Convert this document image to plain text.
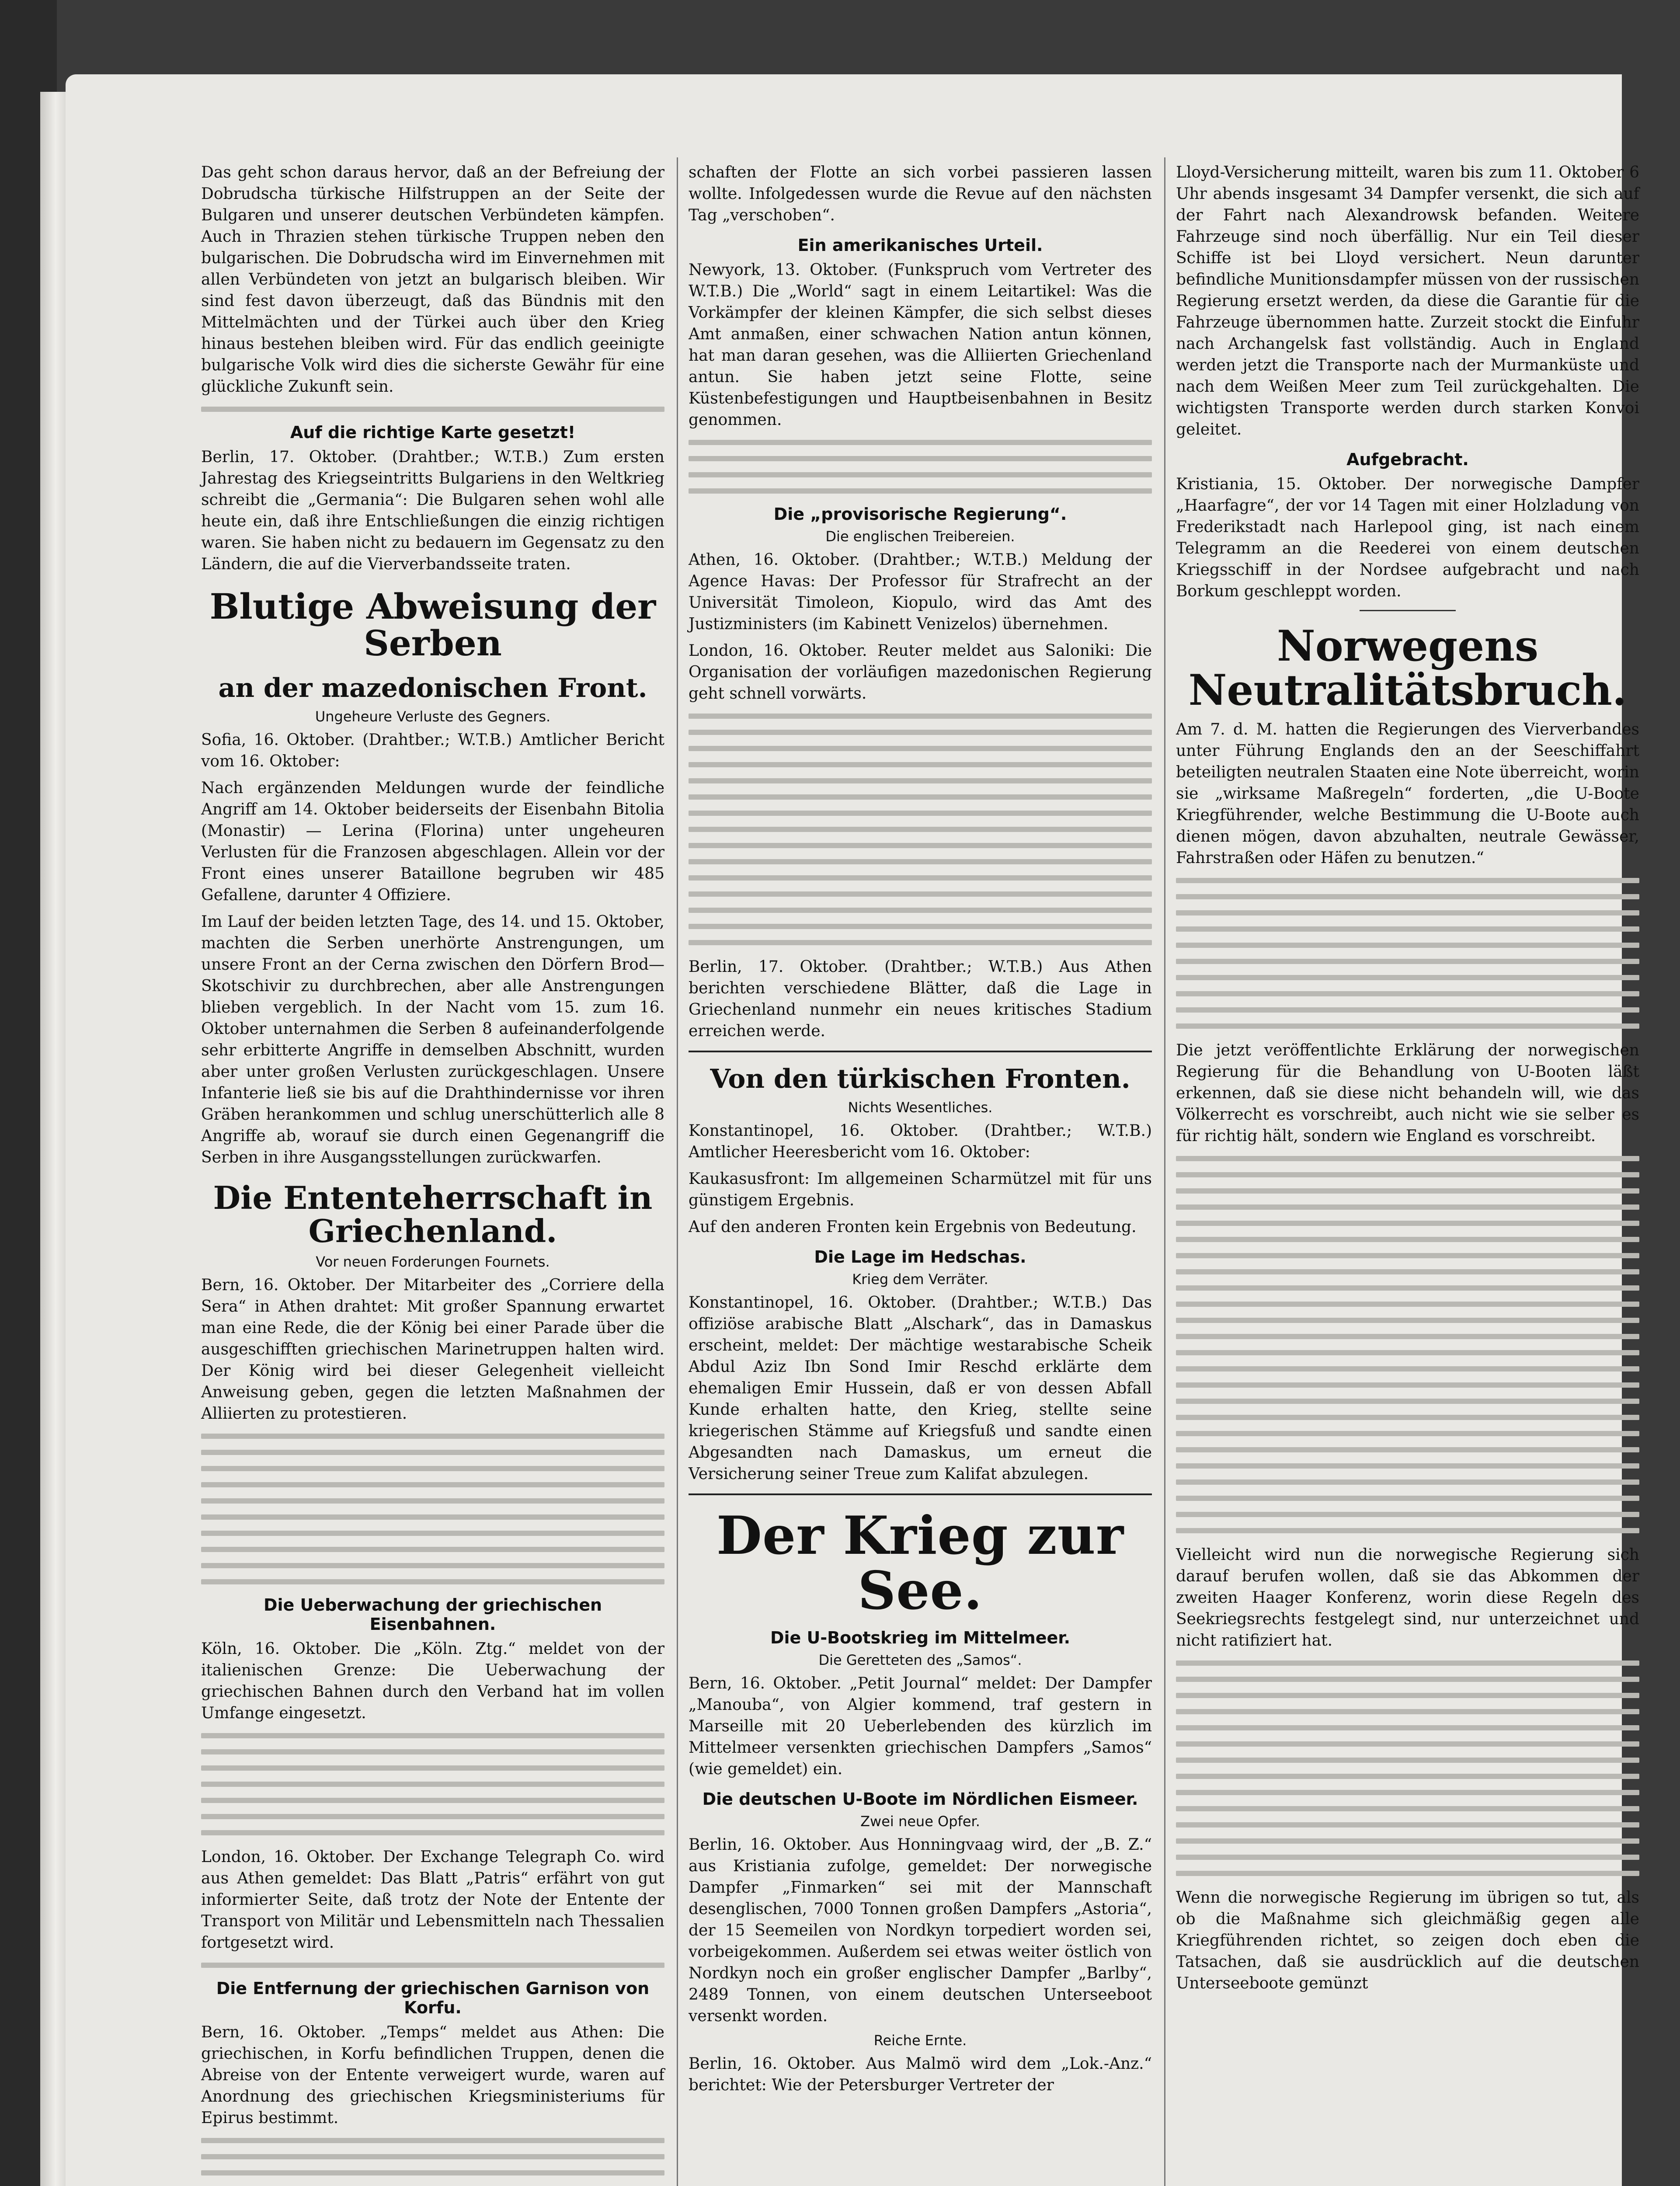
Das geht schon daraus hervor, daß an der Befreiung der Dobrudscha türkische Hilfstruppen an der Seite der Bulgaren und unserer deutschen Verbündeten kämpfen. Auch in Thrazien stehen türkische Truppen neben den bulgarischen. Die Dobrudscha wird im Einvernehmen mit allen Verbündeten von jetzt an bulgarisch bleiben. Wir sind fest davon überzeugt, daß das Bündnis mit den Mittelmächten und der Türkei auch über den Krieg hinaus bestehen bleiben wird. Für das endlich geeinigte bulgarische Volk wird dies die sicherste Gewähr für eine glückliche Zukunft sein.

Auf die richtige Karte gesetzt!

Berlin, 17. Oktober. (Drahtber.; W.T.B.) Zum ersten Jahrestag des Kriegseintritts Bulgariens in den Weltkrieg schreibt die „Germania“: Die Bulgaren sehen wohl alle heute ein, daß ihre Entschließungen die einzig richtigen waren. Sie haben nicht zu bedauern im Gegensatz zu den Ländern, die auf die Vierverbandsseite traten.

Blutige Abweisung der Serben
an der mazedonischen Front.
Ungeheure Verluste des Gegners.

Sofia, 16. Oktober. (Drahtber.; W.T.B.) Amtlicher Bericht vom 16. Oktober:

Nach ergänzenden Meldungen wurde der feindliche Angriff am 14. Oktober beiderseits der Eisenbahn Bitolia (Monastir) — Lerina (Florina) unter ungeheuren Verlusten für die Franzosen abgeschlagen. Allein vor der Front eines unserer Bataillone begruben wir 485 Gefallene, darunter 4 Offiziere.

Im Lauf der beiden letzten Tage, des 14. und 15. Oktober, machten die Serben unerhörte Anstrengungen, um unsere Front an der Cerna zwischen den Dörfern Brod—Skotschivir zu durchbrechen, aber alle Anstrengungen blieben vergeblich. In der Nacht vom 15. zum 16. Oktober unternahmen die Serben 8 aufeinanderfolgende sehr erbitterte Angriffe in demselben Abschnitt, wurden aber unter großen Verlusten zurückgeschlagen. Unsere Infanterie ließ sie bis auf die Drahthindernisse vor ihren Gräben herankommen und schlug unerschütterlich alle 8 Angriffe ab, worauf sie durch einen Gegenangriff die Serben in ihre Ausgangsstellungen zurückwarfen.

Die Ententeherrschaft in Griechenland.
Vor neuen Forderungen Fournets.

Bern, 16. Oktober. Der Mitarbeiter des „Corriere della Sera“ in Athen drahtet: Mit großer Spannung erwartet man eine Rede, die der König bei einer Parade über die ausgeschifften griechischen Marinetruppen halten wird. Der König wird bei dieser Gelegenheit vielleicht Anweisung geben, gegen die letzten Maßnahmen der Alliierten zu protestieren.

Die Ueberwachung der griechischen Eisenbahnen.

Köln, 16. Oktober. Die „Köln. Ztg.“ meldet von der italienischen Grenze: Die Ueberwachung der griechischen Bahnen durch den Verband hat im vollen Umfange eingesetzt.

London, 16. Oktober. Der Exchange Telegraph Co. wird aus Athen gemeldet: Das Blatt „Patris“ erfährt von gut informierter Seite, daß trotz der Note der Entente der Transport von Militär und Lebensmitteln nach Thessalien fortgesetzt wird.

Die Entfernung der griechischen Garnison von Korfu.

Bern, 16. Oktober. „Temps“ meldet aus Athen: Die griechischen, in Korfu befindlichen Truppen, denen die Abreise von der Entente verweigert wurde, waren auf Anordnung des griechischen Kriegsministeriums für Epirus bestimmt.

schaften der Flotte an sich vorbei passieren lassen wollte. Infolgedessen wurde die Revue auf den nächsten Tag „verschoben“.

Ein amerikanisches Urteil.

Newyork, 13. Oktober. (Funkspruch vom Vertreter des W.T.B.) Die „World“ sagt in einem Leitartikel: Was die Vorkämpfer der kleinen Kämpfer, die sich selbst dieses Amt anmaßen, einer schwachen Nation antun können, hat man daran gesehen, was die Alliierten Griechenland antun. Sie haben jetzt seine Flotte, seine Küstenbefestigungen und Hauptbeisenbahnen in Besitz genommen.

Die „provisorische Regierung“.
Die englischen Treibereien.

Athen, 16. Oktober. (Drahtber.; W.T.B.) Meldung der Agence Havas: Der Professor für Strafrecht an der Universität Timoleon, Kiopulo, wird das Amt des Justizministers (im Kabinett Venizelos) übernehmen.

London, 16. Oktober. Reuter meldet aus Saloniki: Die Organisation der vorläufigen mazedonischen Regierung geht schnell vorwärts.

Berlin, 17. Oktober. (Drahtber.; W.T.B.) Aus Athen berichten verschiedene Blätter, daß die Lage in Griechenland nunmehr ein neues kritisches Stadium erreichen werde.

Von den türkischen Fronten.
Nichts Wesentliches.

Konstantinopel, 16. Oktober. (Drahtber.; W.T.B.) Amtlicher Heeresbericht vom 16. Oktober:

Kaukasusfront: Im allgemeinen Scharmützel mit für uns günstigem Ergebnis.

Auf den anderen Fronten kein Ergebnis von Bedeutung.

Die Lage im Hedschas.
Krieg dem Verräter.

Konstantinopel, 16. Oktober. (Drahtber.; W.T.B.) Das offiziöse arabische Blatt „Alschark“, das in Damaskus erscheint, meldet: Der mächtige westarabische Scheik Abdul Aziz Ibn Sond Imir Reschd erklärte dem ehemaligen Emir Hussein, daß er von dessen Abfall Kunde erhalten hatte, den Krieg, stellte seine kriegerischen Stämme auf Kriegsfuß und sandte einen Abgesandten nach Damaskus, um erneut die Versicherung seiner Treue zum Kalifat abzulegen.

Der Krieg zur See.
Die U-Bootskrieg im Mittelmeer.
Die Geretteten des „Samos“.

Bern, 16. Oktober. „Petit Journal“ meldet: Der Dampfer „Manouba“, von Algier kommend, traf gestern in Marseille mit 20 Ueberlebenden des kürzlich im Mittelmeer versenkten griechischen Dampfers „Samos“ (wie gemeldet) ein.

Die deutschen U-Boote im Nördlichen Eismeer.
Zwei neue Opfer.

Berlin, 16. Oktober. Aus Honningvaag wird, der „B. Z.“ aus Kristiania zufolge, gemeldet: Der norwegische Dampfer „Finmarken“ sei mit der Mannschaft desenglischen, 7000 Tonnen großen Dampfers „Astoria“, der 15 Seemeilen von Nordkyn torpediert worden sei, vorbeigekommen. Außerdem sei etwas weiter östlich von Nordkyn noch ein großer englischer Dampfer „Barlby“, 2489 Tonnen, von einem deutschen Unterseeboot versenkt worden.

Reiche Ernte.

Berlin, 16. Oktober. Aus Malmö wird dem „Lok.-Anz.“ berichtet: Wie der Petersburger Vertreter der

Lloyd-Versicherung mitteilt, waren bis zum 11. Oktober 6 Uhr abends insgesamt 34 Dampfer versenkt, die sich auf der Fahrt nach Alexandrowsk befanden. Weitere Fahrzeuge sind noch überfällig. Nur ein Teil dieser Schiffe ist bei Lloyd versichert. Neun darunter befindliche Munitionsdampfer müssen von der russischen Regierung ersetzt werden, da diese die Garantie für die Fahrzeuge übernommen hatte. Zurzeit stockt die Einfuhr nach Archangelsk fast vollständig. Auch in England werden jetzt die Transporte nach der Murmanküste und nach dem Weißen Meer zum Teil zurückgehalten. Die wichtigsten Transporte werden durch starken Konvoi geleitet.

Aufgebracht.

Kristiania, 15. Oktober. Der norwegische Dampfer „Haarfagre“, der vor 14 Tagen mit einer Holzladung von Frederikstadt nach Harlepool ging, ist nach einem Telegramm an die Reederei von einem deutschen Kriegsschiff in der Nordsee aufgebracht und nach Borkum geschleppt worden.

Norwegens Neutralitätsbruch.

Am 7. d. M. hatten die Regierungen des Vierverbandes unter Führung Englands den an der Seeschiffahrt beteiligten neutralen Staaten eine Note überreicht, worin sie „wirksame Maßregeln“ forderten, „die U-Boote Kriegführender, welche Bestimmung die U-Boote auch dienen mögen, davon abzuhalten, neutrale Gewässer, Fahrstraßen oder Häfen zu benutzen.“

Die jetzt veröffentlichte Erklärung der norwegischen Regierung für die Behandlung von U-Booten läßt erkennen, daß sie diese nicht behandeln will, wie das Völkerrecht es vorschreibt, auch nicht wie sie selber es für richtig hält, sondern wie England es vorschreibt.

Vielleicht wird nun die norwegische Regierung sich darauf berufen wollen, daß sie das Abkommen der zweiten Haager Konferenz, worin diese Regeln des Seekriegsrechts festgelegt sind, nur unterzeichnet und nicht ratifiziert hat.

Wenn die norwegische Regierung im übrigen so tut, als ob die Maßnahme sich gleichmäßig gegen alle Kriegführenden richtet, so zeigen doch eben die Tatsachen, daß sie ausdrücklich auf die deutschen Unterseeboote gemünzt
